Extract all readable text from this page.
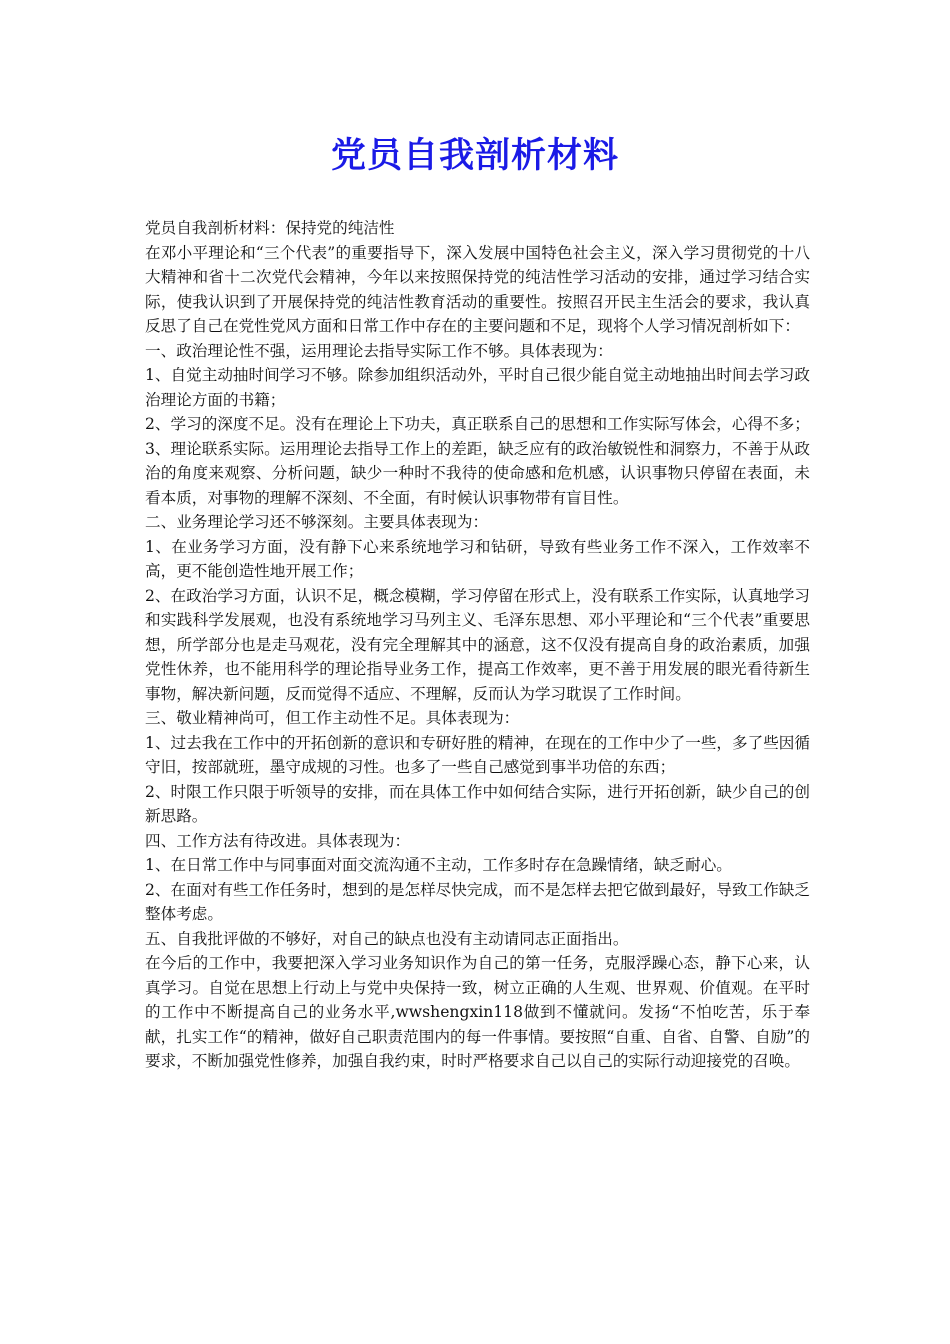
党员自我剖析材料

党员自我剖析材料：保持党的纯洁性

在邓小平理论和“三个代表”的重要指导下，深入发展中国特色社会主义，深入学习贯彻党的十八大精神和省十二次党代会精神，今年以来按照保持党的纯洁性学习活动的安排，通过学习结合实际，使我认识到了开展保持党的纯洁性教育活动的重要性。按照召开民主生活会的要求，我认真反思了自己在党性党风方面和日常工作中存在的主要问题和不足，现将个人学习情况剖析如下：

一、政治理论性不强，运用理论去指导实际工作不够。具体表现为：

1、自觉主动抽时间学习不够。除参加组织活动外，平时自己很少能自觉主动地抽出时间去学习政治理论方面的书籍；

2、学习的深度不足。没有在理论上下功夫，真正联系自己的思想和工作实际写体会，心得不多；

3、理论联系实际。运用理论去指导工作上的差距，缺乏应有的政治敏锐性和洞察力，不善于从政治的角度来观察、分析问题，缺少一种时不我待的使命感和危机感，认识事物只停留在表面，未看本质，对事物的理解不深刻、不全面，有时候认识事物带有盲目性。

二、业务理论学习还不够深刻。主要具体表现为：

1、在业务学习方面，没有静下心来系统地学习和钻研，导致有些业务工作不深入，工作效率不高，更不能创造性地开展工作；

2、在政治学习方面，认识不足，概念模糊，学习停留在形式上，没有联系工作实际，认真地学习和实践科学发展观，也没有系统地学习马列主义、毛泽东思想、邓小平理论和“三个代表”重要思想，所学部分也是走马观花，没有完全理解其中的涵意，这不仅没有提高自身的政治素质，加强党性休养，也不能用科学的理论指导业务工作，提高工作效率，更不善于用发展的眼光看待新生事物，解决新问题，反而觉得不适应、不理解，反而认为学习耽误了工作时间。

三、敬业精神尚可，但工作主动性不足。具体表现为：

1、过去我在工作中的开拓创新的意识和专研好胜的精神，在现在的工作中少了一些，多了些因循守旧，按部就班，墨守成规的习性。也多了一些自己感觉到事半功倍的东西；

2、时限工作只限于听领导的安排，而在具体工作中如何结合实际，进行开拓创新，缺少自己的创新思路。

四、工作方法有待改进。具体表现为：

1、在日常工作中与同事面对面交流沟通不主动，工作多时存在急躁情绪，缺乏耐心。

2、在面对有些工作任务时，想到的是怎样尽快完成，而不是怎样去把它做到最好，导致工作缺乏整体考虑。

五、自我批评做的不够好，对自己的缺点也没有主动请同志正面指出。

在今后的工作中，我要把深入学习业务知识作为自己的第一任务，克服浮躁心态，静下心来，认真学习。自觉在思想上行动上与党中央保持一致，树立正确的人生观、世界观、价值观。在平时的工作中不断提高自己的业务水平,wwshengxin118做到不懂就问。发扬“不怕吃苦，乐于奉献，扎实工作“的精神，做好自己职责范围内的每一件事情。要按照“自重、自省、自警、自励”的要求，不断加强党性修养，加强自我约束，时时严格要求自己以自己的实际行动迎接党的召唤。
